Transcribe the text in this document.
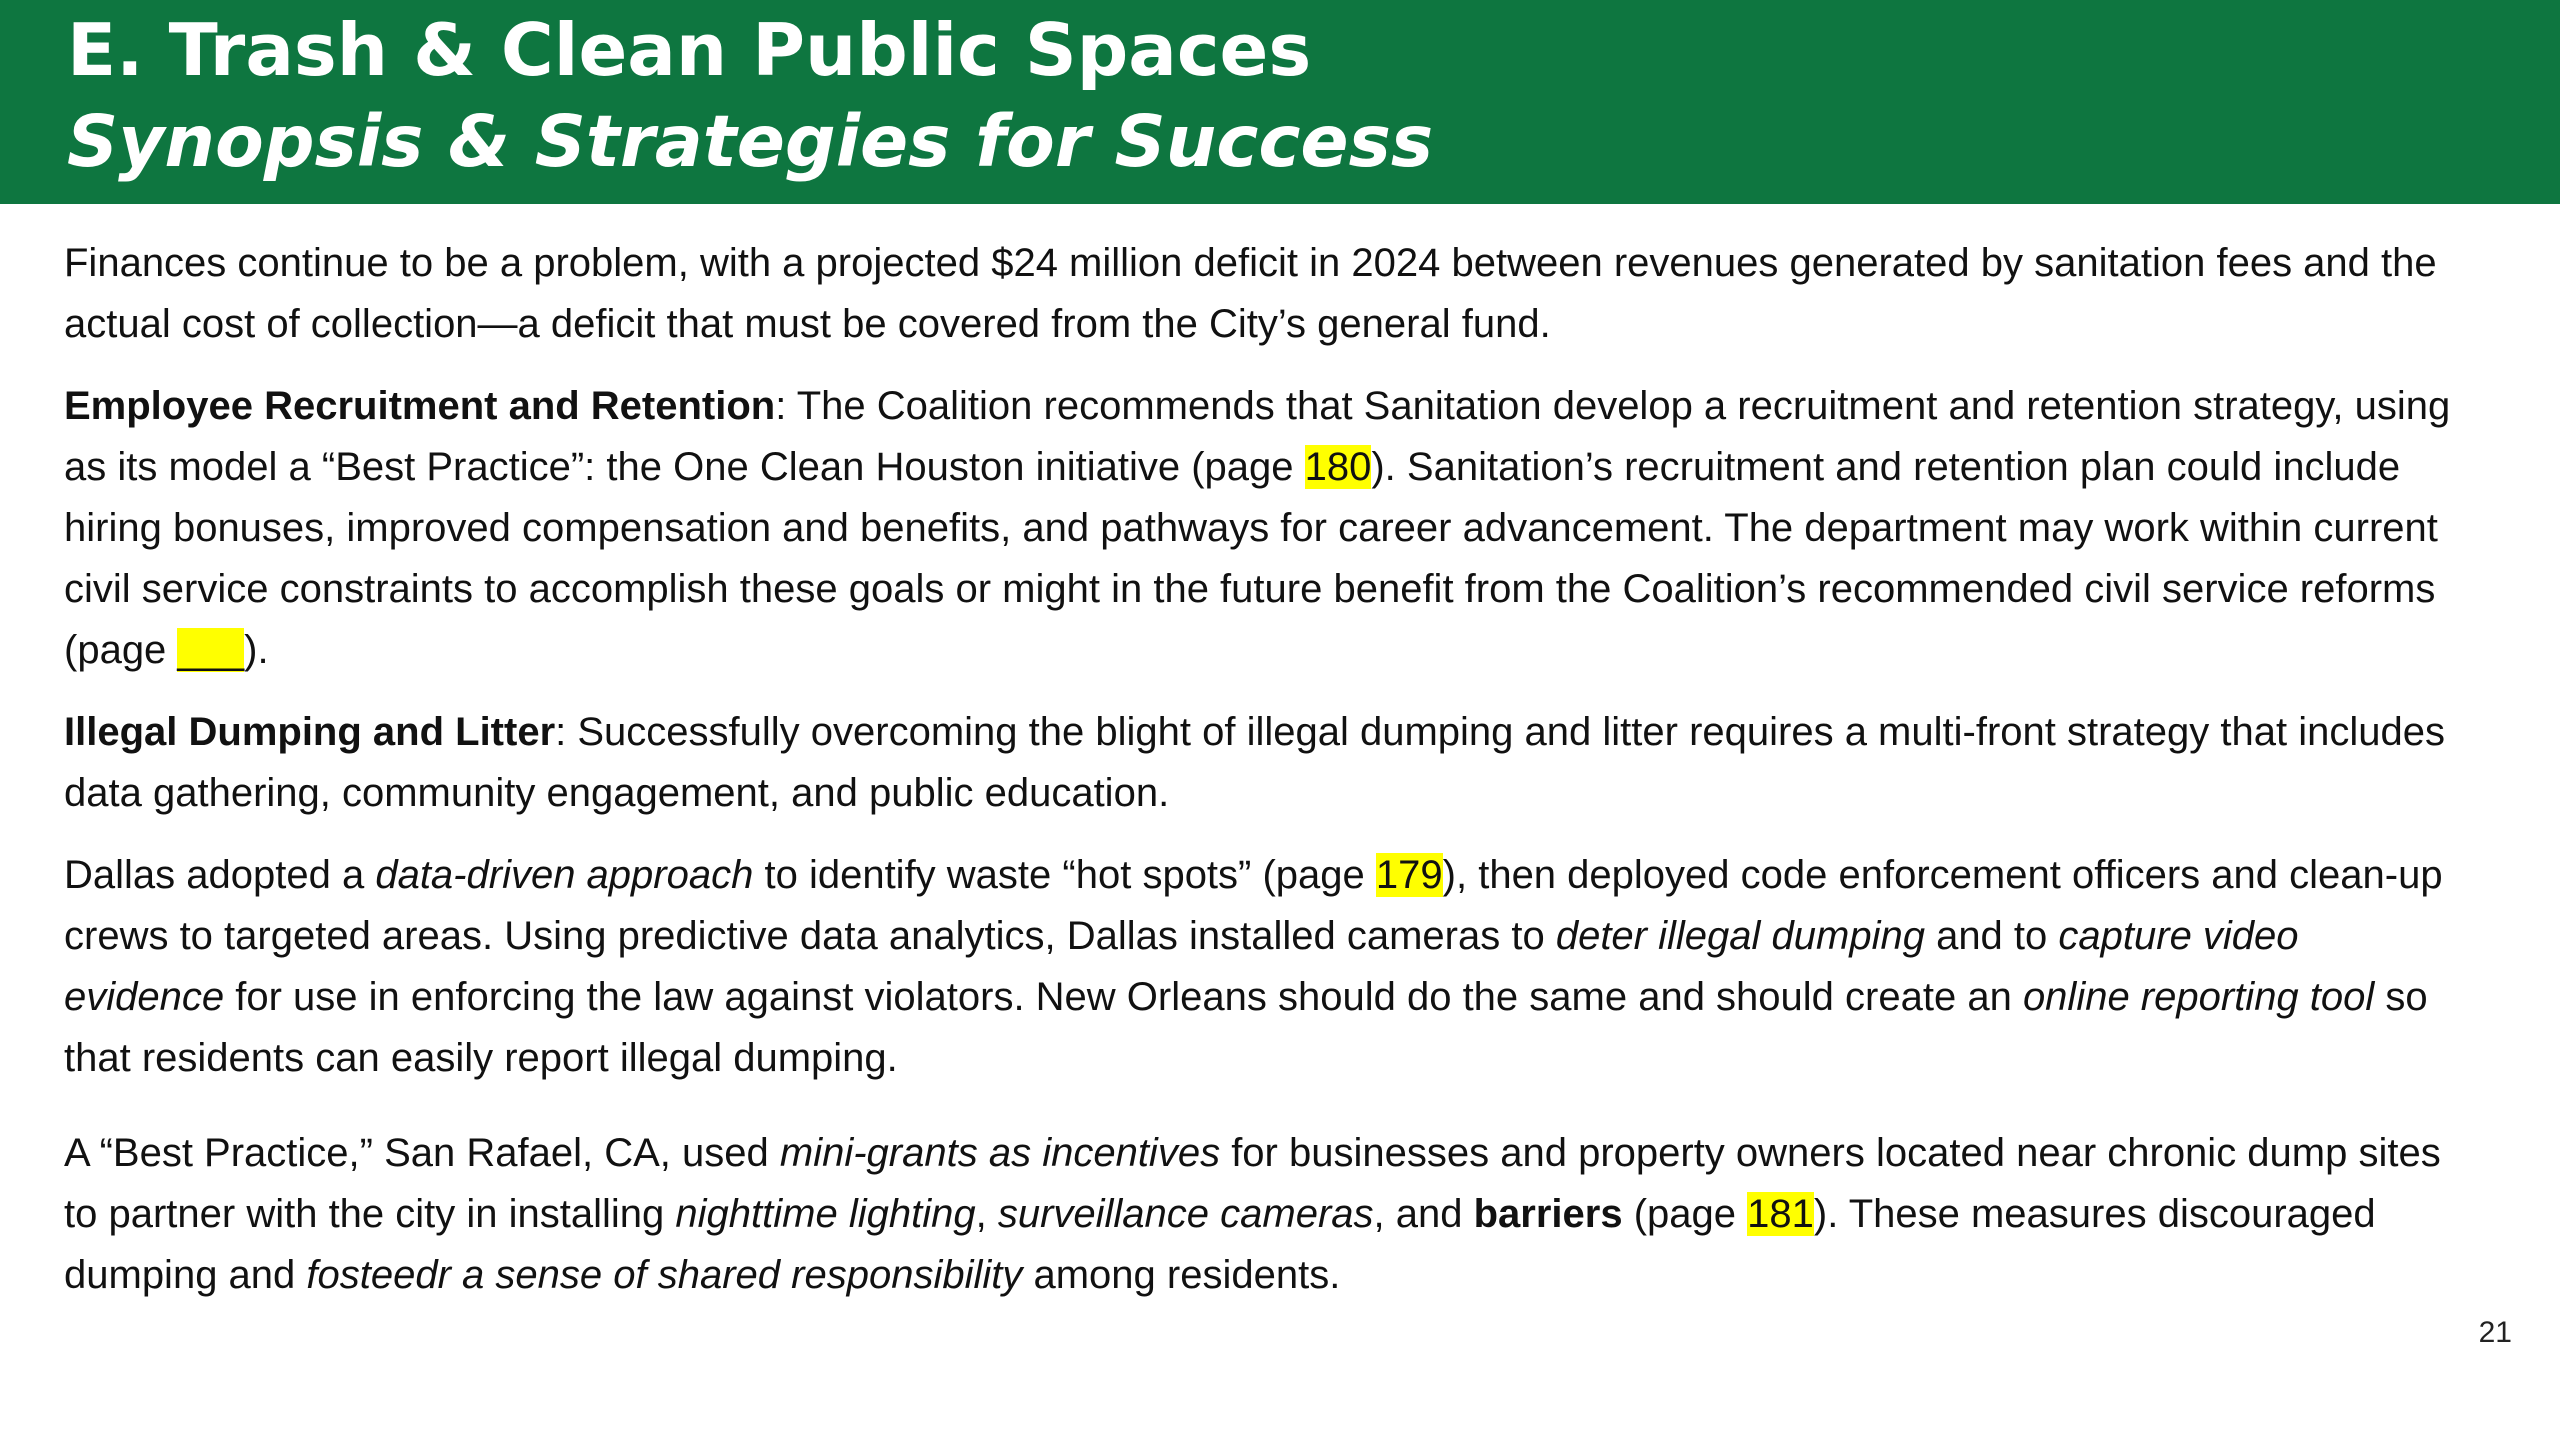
E. Trash & Clean Public Spaces
Synopsis & Strategies for Success

Finances continue to be a problem, with a projected $24 million deficit in 2024 between revenues generated by sanitation fees and the actual cost of collection—a deficit that must be covered from the City’s general fund.

Employee Recruitment and Retention: The Coalition recommends that Sanitation develop a recruitment and retention strategy, using as its model a “Best Practice”: the One Clean Houston initiative (page 180). Sanitation’s recruitment and retention plan could include hiring bonuses, improved compensation and benefits, and pathways for career advancement. The department may work within current civil service constraints to accomplish these goals or might in the future benefit from the Coalition’s recommended civil service reforms (page ___).

Illegal Dumping and Litter: Successfully overcoming the blight of illegal dumping and litter requires a multi-front strategy that includes data gathering, community engagement, and public education.

Dallas adopted a data-driven approach to identify waste “hot spots” (page 179), then deployed code enforcement officers and clean-up crews to targeted areas. Using predictive data analytics, Dallas installed cameras to deter illegal dumping and to capture video evidence for use in enforcing the law against violators. New Orleans should do the same and should create an online reporting tool so that residents can easily report illegal dumping.

A “Best Practice,” San Rafael, CA, used mini-grants as incentives for businesses and property owners located near chronic dump sites to partner with the city in installing nighttime lighting, surveillance cameras, and barriers (page 181). These measures discouraged dumping and fosteedr a sense of shared responsibility among residents.

21
